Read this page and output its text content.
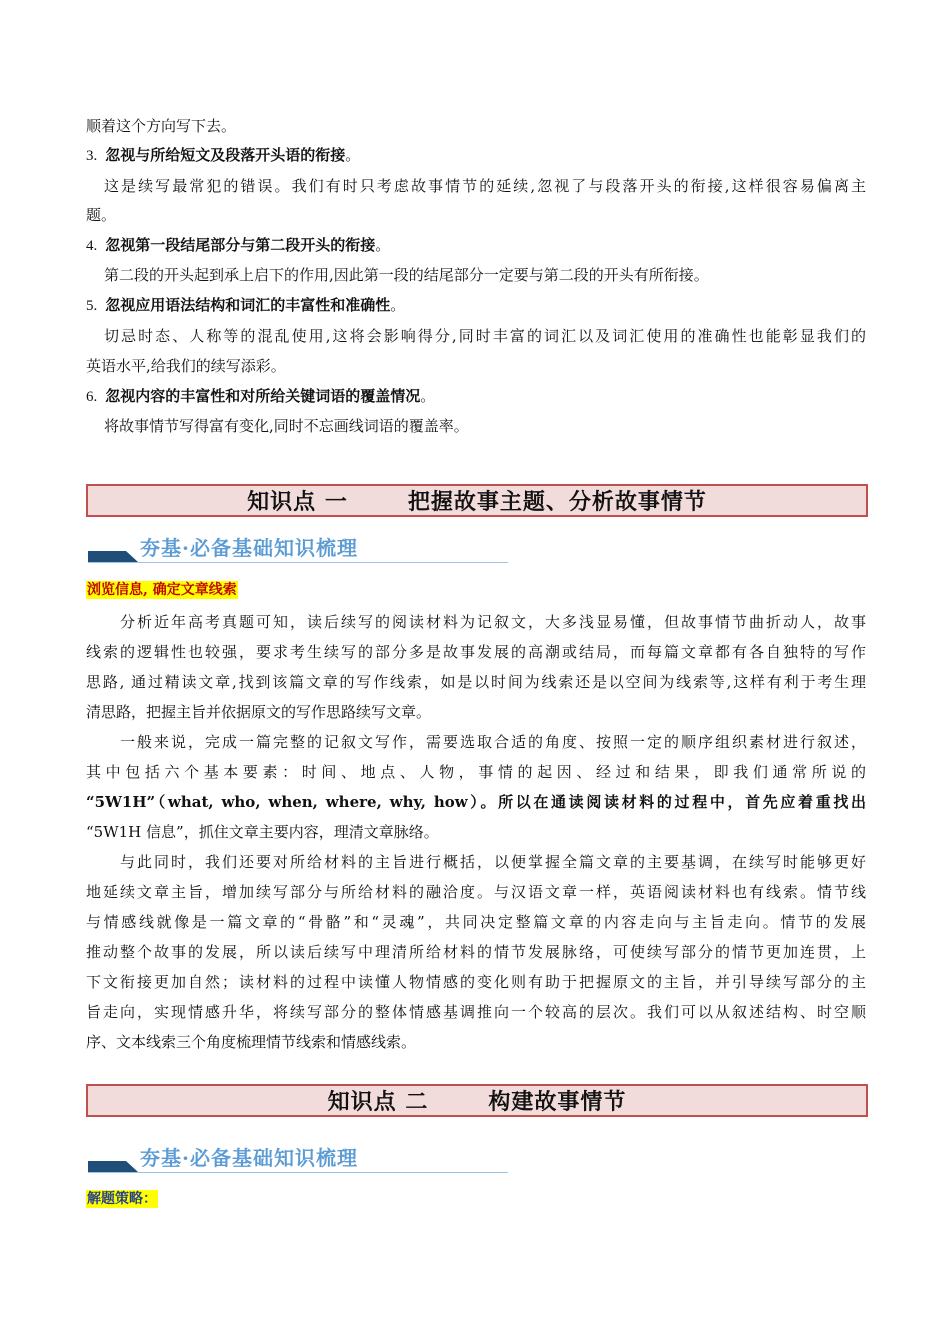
顺着这个方向写下去。
3. 忽视与所给短文及段落开头语的衔接。
这是续写最常犯的错误。我们有时只考虑故事情节的延续,忽视了与段落开头的衔接,这样很容易偏离主
题。
4. 忽视第一段结尾部分与第二段开头的衔接。
第二段的开头起到承上启下的作用,因此第一段的结尾部分一定要与第二段的开头有所衔接。
5. 忽视应用语法结构和词汇的丰富性和准确性。
切忌时态、人称等的混乱使用,这将会影响得分,同时丰富的词汇以及词汇使用的准确性也能彰显我们的
英语水平,给我们的续写添彩。
6. 忽视内容的丰富性和对所给关键词语的覆盖情况。
将故事情节写得富有变化,同时不忘画线词语的覆盖率。
知识点 一	把握故事主题、分析故事情节
夯基·必备基础知识梳理
浏览信息, 确定文章线索
分析近年高考真题可知，读后续写的阅读材料为记叙文，大多浅显易懂，但故事情节曲折动人，故事
线索的逻辑性也较强，要求考生续写的部分多是故事发展的高潮或结局，而每篇文章都有各自独特的写作
思路, 通过精读文章,找到该篇文章的写作线索，如是以时间为线索还是以空间为线索等,这样有利于考生理
清思路，把握主旨并依据原文的写作思路续写文章。
一般来说，完成一篇完整的记叙文写作，需要选取合适的角度、按照一定的顺序组织素材进行叙述，
其中包括六个基本要素：时间、地点、人物，事情的起因、经过和结果，即我们通常所说的
“5W1H”（what, who, when, where, why, how）。所以在通读阅读材料的过程中，首先应着重找出
“5W1H 信息”，抓住文章主要内容，理清文章脉络。
与此同时，我们还要对所给材料的主旨进行概括，以便掌握全篇文章的主要基调，在续写时能够更好
地延续文章主旨，增加续写部分与所给材料的融洽度。与汉语文章一样，英语阅读材料也有线索。情节线
与情感线就像是一篇文章的“骨骼”和“灵魂”，共同决定整篇文章的内容走向与主旨走向。情节的发展
推动整个故事的发展，所以读后续写中理清所给材料的情节发展脉络，可使续写部分的情节更加连贯，上
下文衔接更加自然；读材料的过程中读懂人物情感的变化则有助于把握原文的主旨，并引导续写部分的主
旨走向，实现情感升华，将续写部分的整体情感基调推向一个较高的层次。我们可以从叙述结构、时空顺
序、文本线索三个角度梳理情节线索和情感线索。
知识点 二	构建故事情节
夯基·必备基础知识梳理
解题策略：
